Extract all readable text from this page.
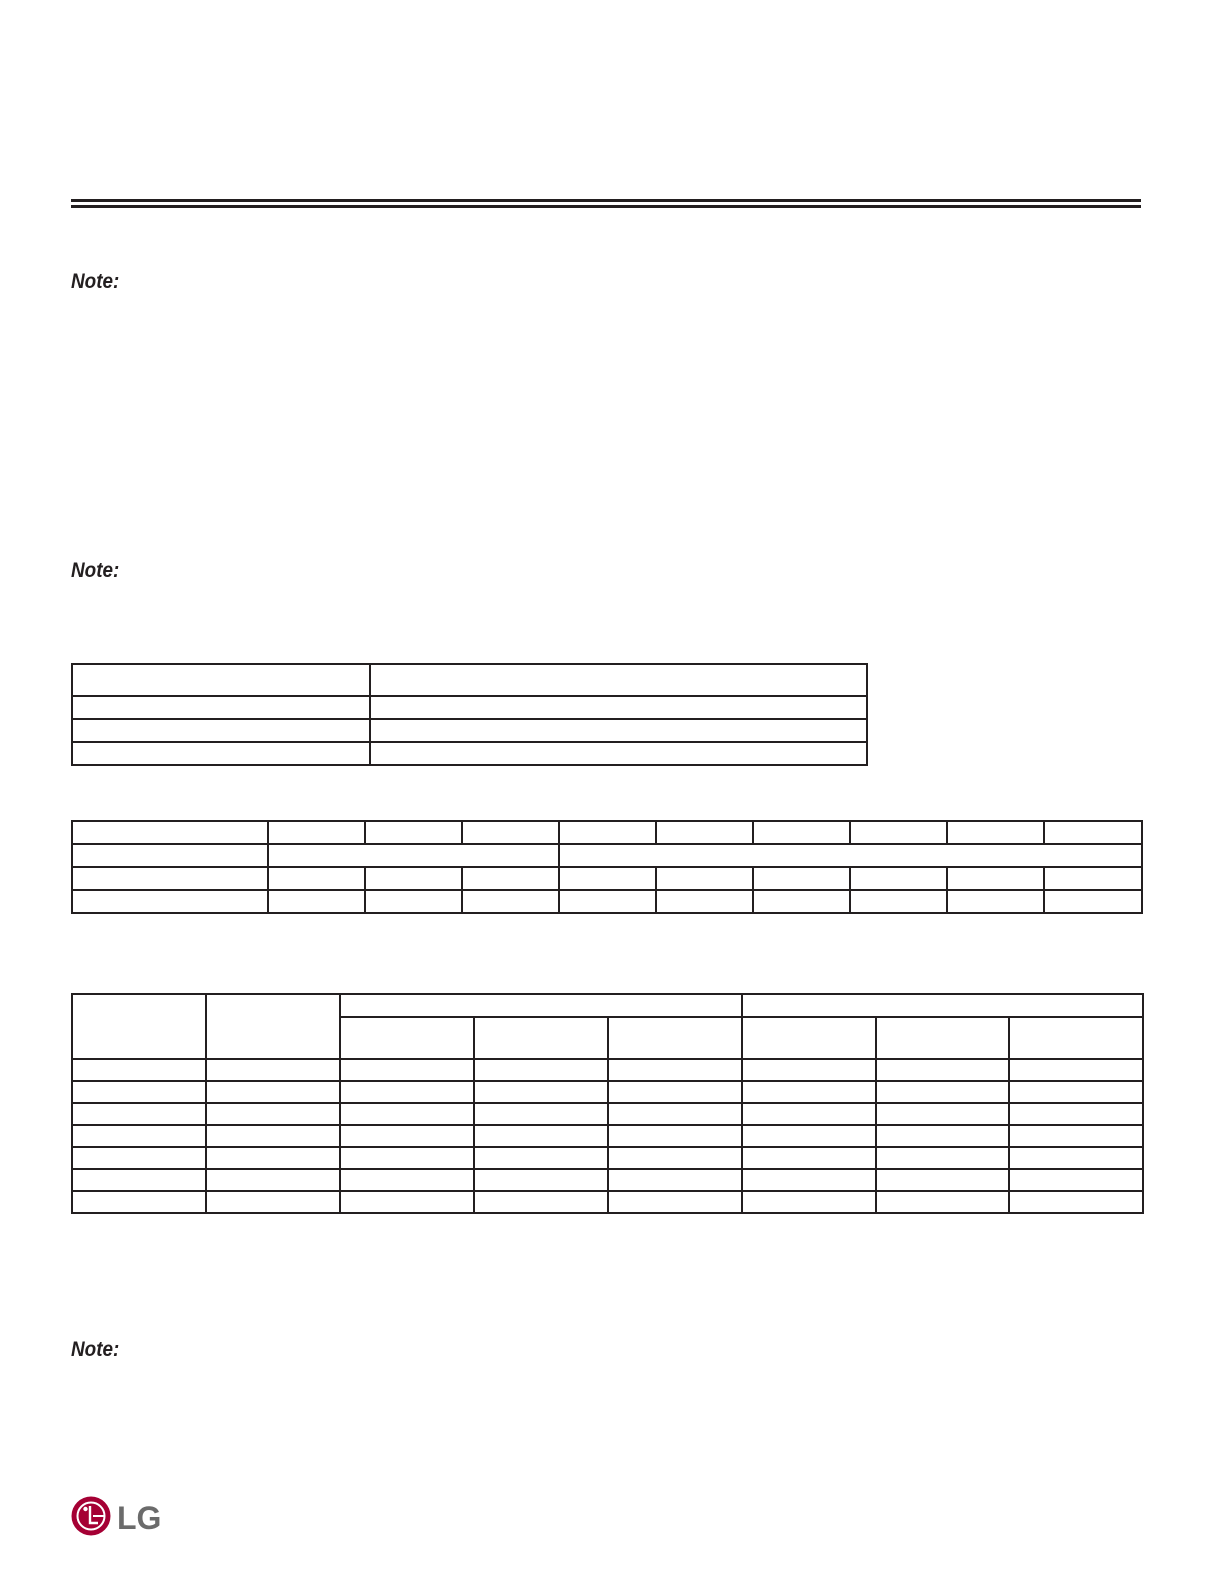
Note:
Note:
Note:

LG
